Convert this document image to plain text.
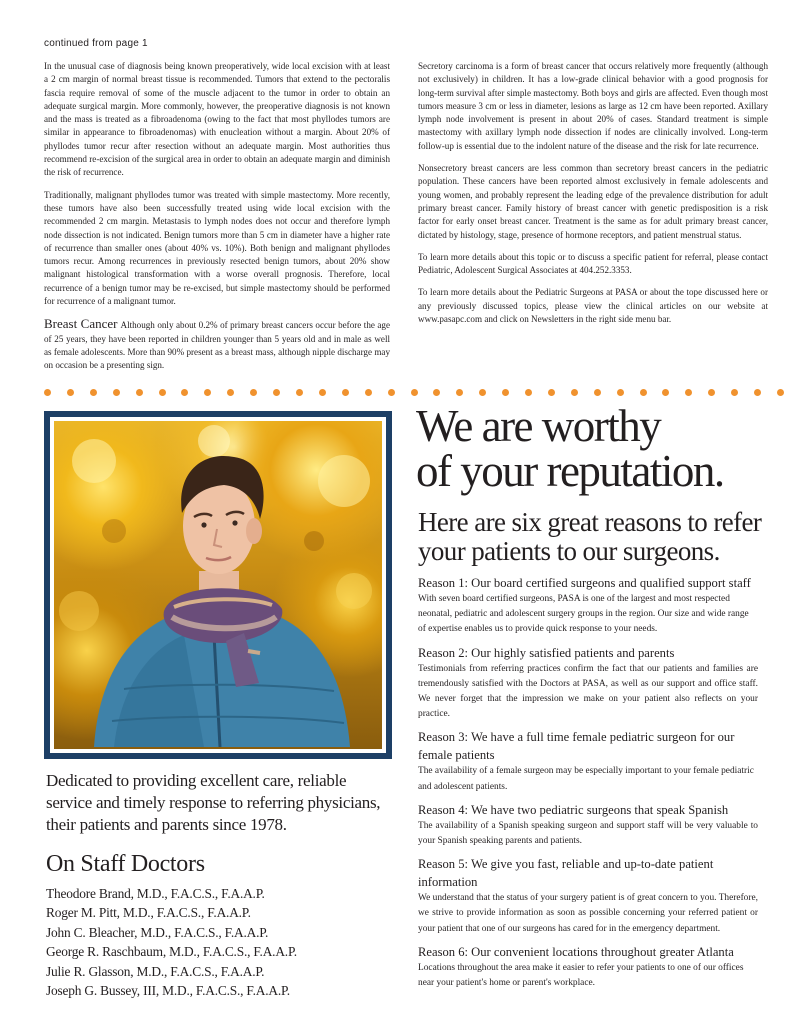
continued from page 1

In the unusual case of diagnosis being known preoperatively, wide local excision with at least a 2 cm margin of normal breast tissue is recommended. Tumors that extend to the pectoralis fascia require removal of some of the muscle adjacent to the tumor in order to obtain an adequate surgical margin. More commonly, however, the preoperative diagnosis is not known and the mass is treated as a fibroadenoma (owing to the fact that most phyllodes tumors are similar in appearance to fibroadenomas) with enucleation without a margin. About 20% of phyllodes tumor recur after resection without an adequate margin. Most authorities thus recommend re-excision of the surgical area in order to obtain an adequate margin and diminish the risk of recurrence.

Traditionally, malignant phyllodes tumor was treated with simple mastectomy. More recently, these tumors have also been successfully treated using wide local excision with the recommended 2 cm margin. Metastasis to lymph nodes does not occur and therefore lymph node dissection is not indicated. Benign tumors more than 5 cm in diameter have a higher rate of recurrence than smaller ones (about 40% vs. 10%). Both benign and malignant phyllodes tumors recur. Among recurrences in previously resected benign tumors, about 20% show malignant histological transformation with a worse overall prognosis. Therefore, local recurrence of a benign tumor may be re-excised, but simple mastectomy should be performed for recurrence of a malignant tumor.

Breast Cancer Although only about 0.2% of primary breast cancers occur before the age of 25 years, they have been reported in children younger than 5 years old and in male as well as female adolescents. More than 90% present as a breast mass, although nipple discharge may on occasion be a presenting sign.

Secretory carcinoma is a form of breast cancer that occurs relatively more frequently (although not exclusively) in children. It has a low-grade clinical behavior with a good prognosis for long-term survival after simple mastectomy. Both boys and girls are affected. Even though most tumors measure 3 cm or less in diameter, lesions as large as 12 cm have been reported. Axillary lymph node involvement is present in about 20% of cases. Standard treatment is simple mastectomy with axillary lymph node dissection if nodes are clinically involved. Long-term follow-up is essential due to the indolent nature of the disease and the risk for late recurrence.

Nonsecretory breast cancers are less common than secretory breast cancers in the pediatric population. These cancers have been reported almost exclusively in female adolescents and young women, and probably represent the leading edge of the prevalence distribution for adult primary breast cancer. Family history of breast cancer with genetic predisposition is a risk factor for early onset breast cancer. Treatment is the same as for adult primary breast cancer, dictated by histology, stage, presence of hormone receptors, and patient menstrual status.

To learn more details about this topic or to discuss a specific patient for referral, please contact Pediatric, Adolescent Surgical Associates at 404.252.3353.

To learn more details about the Pediatric Surgeons at PASA or about the tope discussed here or any previously discussed topics, please view the clinical articles on our website at www.pasapc.com and click on Newsletters in the right side menu bar.

We are worthy
of your reputation.
Here are six great reasons to refer
your patients to our surgeons.
Reason 1: Our board certified surgeons and qualified support staff
With seven board certified surgeons, PASA is one of the largest and most respected neonatal, pediatric and adolescent surgery groups in the region. Our size and wide range of expertise enables us to provide quick response to your needs.
Reason 2: Our highly satisfied patients and parents
Testimonials from referring practices confirm the fact that our patients and families are tremendously satisfied with the Doctors at PASA, as well as our support and office staff. We never forget that the impression we make on your patient also reflects on your practice.
Reason 3: We have a full time female pediatric surgeon for our female patients
The availability of a female surgeon may be especially important to your female pediatric and adolescent patients.
Reason 4: We have two pediatric surgeons that speak Spanish
The availability of a Spanish speaking surgeon and support staff will be very valuable to your Spanish speaking parents and patients.
Reason 5: We give you fast, reliable and up-to-date patient information
We understand that the status of your surgery patient is of great concern to you. Therefore, we strive to provide information as soon as possible concerning your referred patient or your patient that one of our surgeons has cared for in the emergency department.
Reason 6: Our convenient locations throughout greater Atlanta
Locations throughout the area make it easier to refer your patients to one of our offices near your patient's home or parent's workplace.
Dedicated to providing excellent care, reliable service and timely response to referring physicians, their patients and parents since 1978.
On Staff Doctors
Theodore Brand, M.D., F.A.C.S., F.A.A.P.
Roger M. Pitt, M.D., F.A.C.S., F.A.A.P.
John C. Bleacher, M.D., F.A.C.S., F.A.A.P.
George R. Raschbaum, M.D., F.A.C.S., F.A.A.P.
Julie R. Glasson, M.D., F.A.C.S., F.A.A.P.
Joseph G. Bussey, III, M.D., F.A.C.S., F.A.A.P.
